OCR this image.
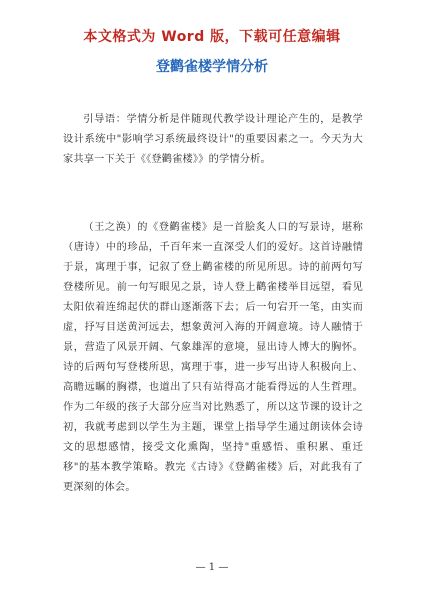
本文格式为 Word 版，下载可任意编辑
登鹳雀楼学情分析

引导语：学情分析是伴随现代教学设计理论产生的，是教学设计系统中"影响学习系统最终设计"的重要因素之一。今天为大家共享一下关于《《登鹳雀楼》》的学情分析。

（王之涣）的《登鹳雀楼》是一首脍炙人口的写景诗，堪称（唐诗）中的珍品，千百年来一直深受人们的爱好。这首诗融情于景，寓理于事，记叙了登上鹳雀楼的所见所思。诗的前两句写登楼所见。前一句写眼见之景，诗人登上鹳雀楼举目远望，看见太阳依着连绵起伏的群山逐渐落下去；后一句宕开一笔，由实而虚，抒写目送黄河远去，想象黄河入海的开阔意境。诗人融情于景，营造了风景开阔、气象雄浑的意境，显出诗人博大的胸怀。诗的后两句写登楼所思，寓理于事，进一步写出诗人积极向上、高瞻远瞩的胸襟，也道出了只有站得高才能看得远的人生哲理。作为二年级的孩子大部分应当对比熟悉了，所以这节课的设计之初，我就考虑到以学生为主题，课堂上指导学生通过朗读体会诗文的思想感情，接受文化熏陶，坚持"重感悟、重积累、重迁移"的基本教学策略。教完《古诗》《登鹳雀楼》后，对此我有了更深刻的体会。

— 1 —
